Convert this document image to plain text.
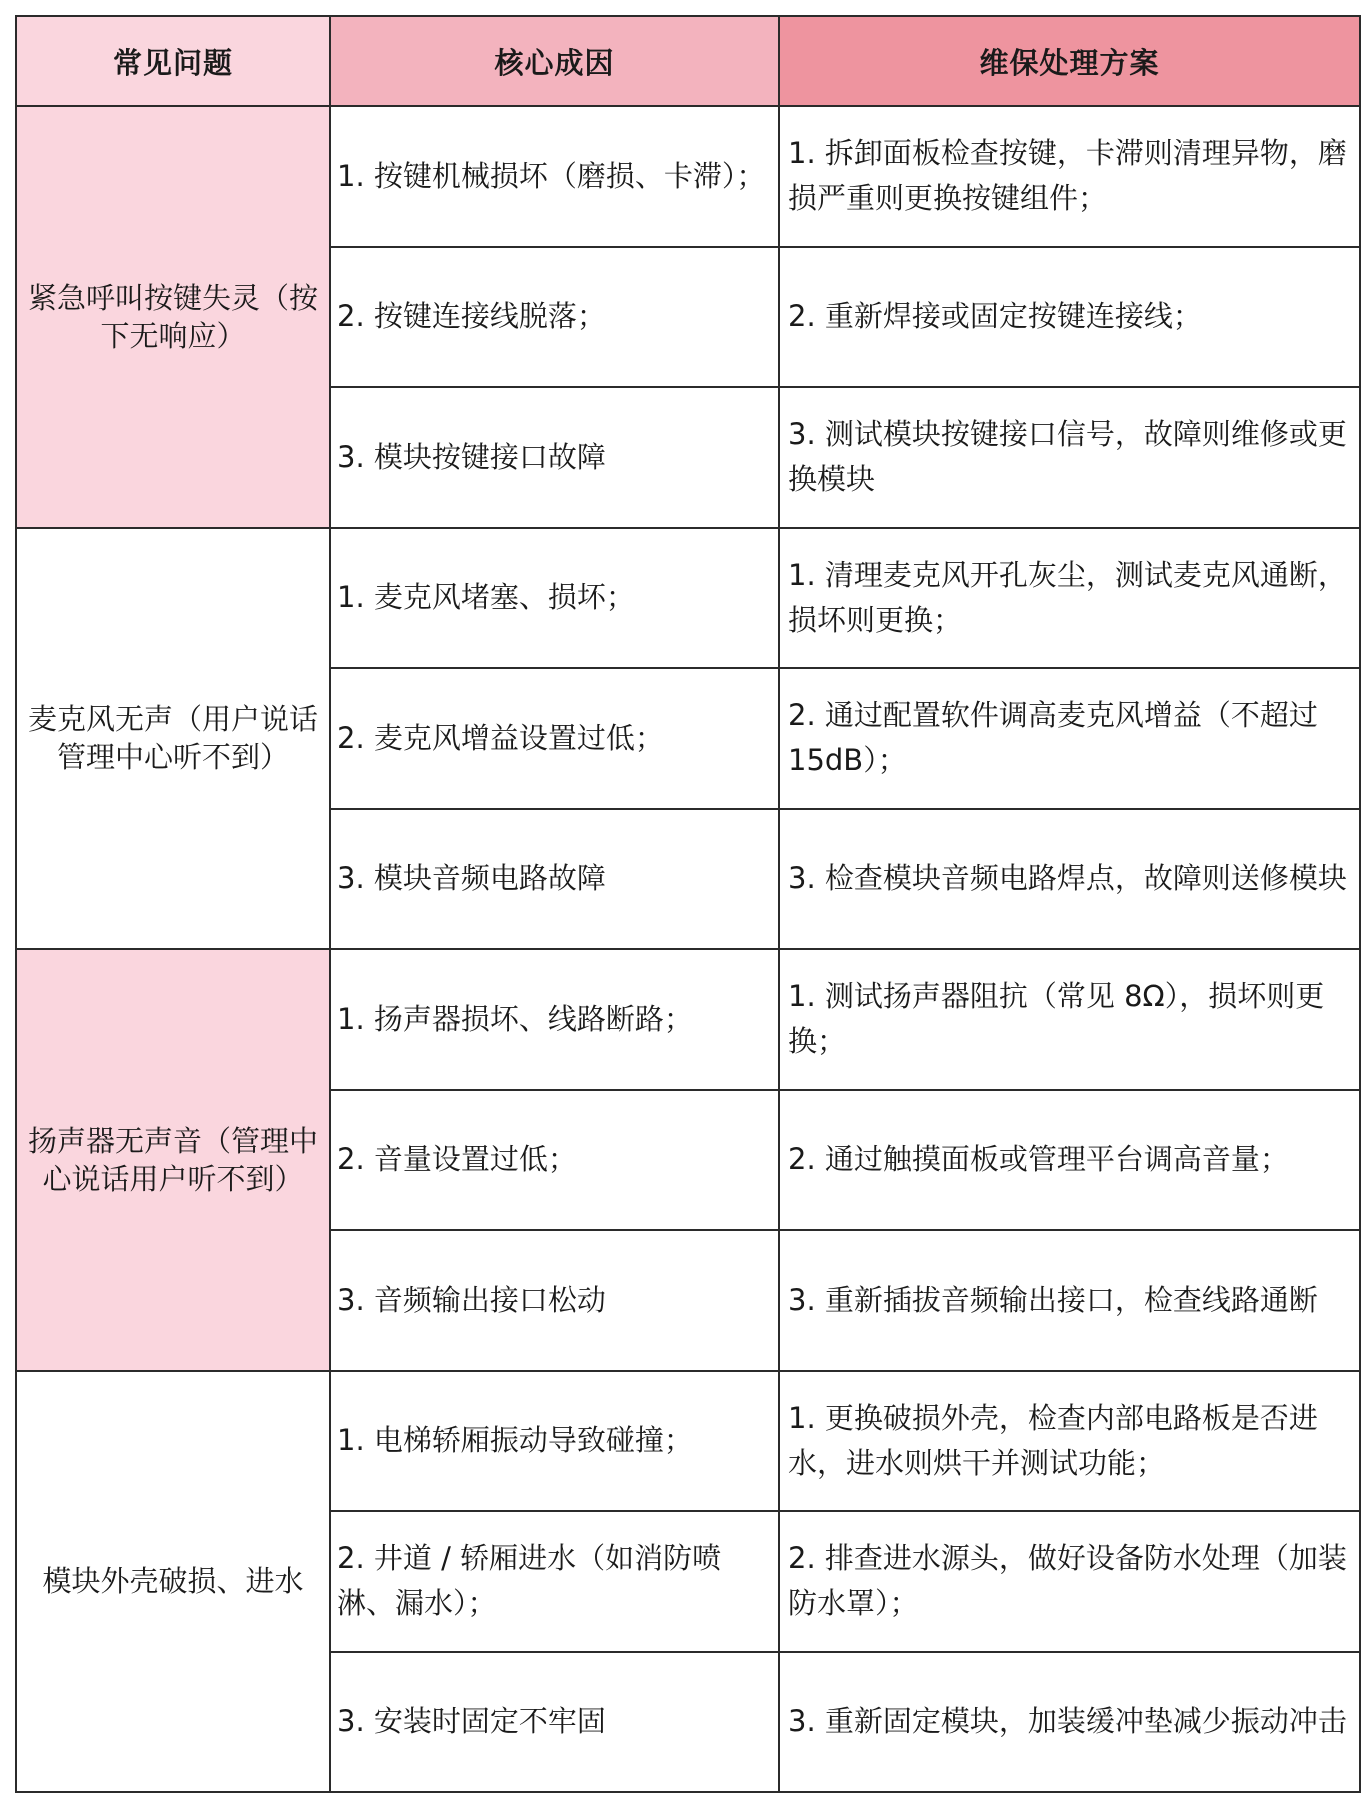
常见问题	核心成因	维保处理方案
紧急呼叫按键失灵（按下无响应）	1. 按键机械损坏（磨损、卡滞）；	1. 拆卸面板检查按键，卡滞则清理异物，磨损严重则更换按键组件；
	2. 按键连接线脱落；	2. 重新焊接或固定按键连接线；
	3. 模块按键接口故障	3. 测试模块按键接口信号，故障则维修或更换模块
麦克风无声（用户说话管理中心听不到）	1. 麦克风堵塞、损坏；	1. 清理麦克风开孔灰尘，测试麦克风通断，损坏则更换；
	2. 麦克风增益设置过低；	2. 通过配置软件调高麦克风增益（不超过 15dB）；
	3. 模块音频电路故障	3. 检查模块音频电路焊点，故障则送修模块
扬声器无声音（管理中心说话用户听不到）	1. 扬声器损坏、线路断路；	1. 测试扬声器阻抗（常见 8Ω），损坏则更换；
	2. 音量设置过低；	2. 通过触摸面板或管理平台调高音量；
	3. 音频输出接口松动	3. 重新插拔音频输出接口，检查线路通断
模块外壳破损、进水	1. 电梯轿厢振动导致碰撞；	1. 更换破损外壳，检查内部电路板是否进水，进水则烘干并测试功能；
	2. 井道 / 轿厢进水（如消防喷淋、漏水）；	2. 排查进水源头，做好设备防水处理（加装防水罩）；
	3. 安装时固定不牢固	3. 重新固定模块，加装缓冲垫减少振动冲击
